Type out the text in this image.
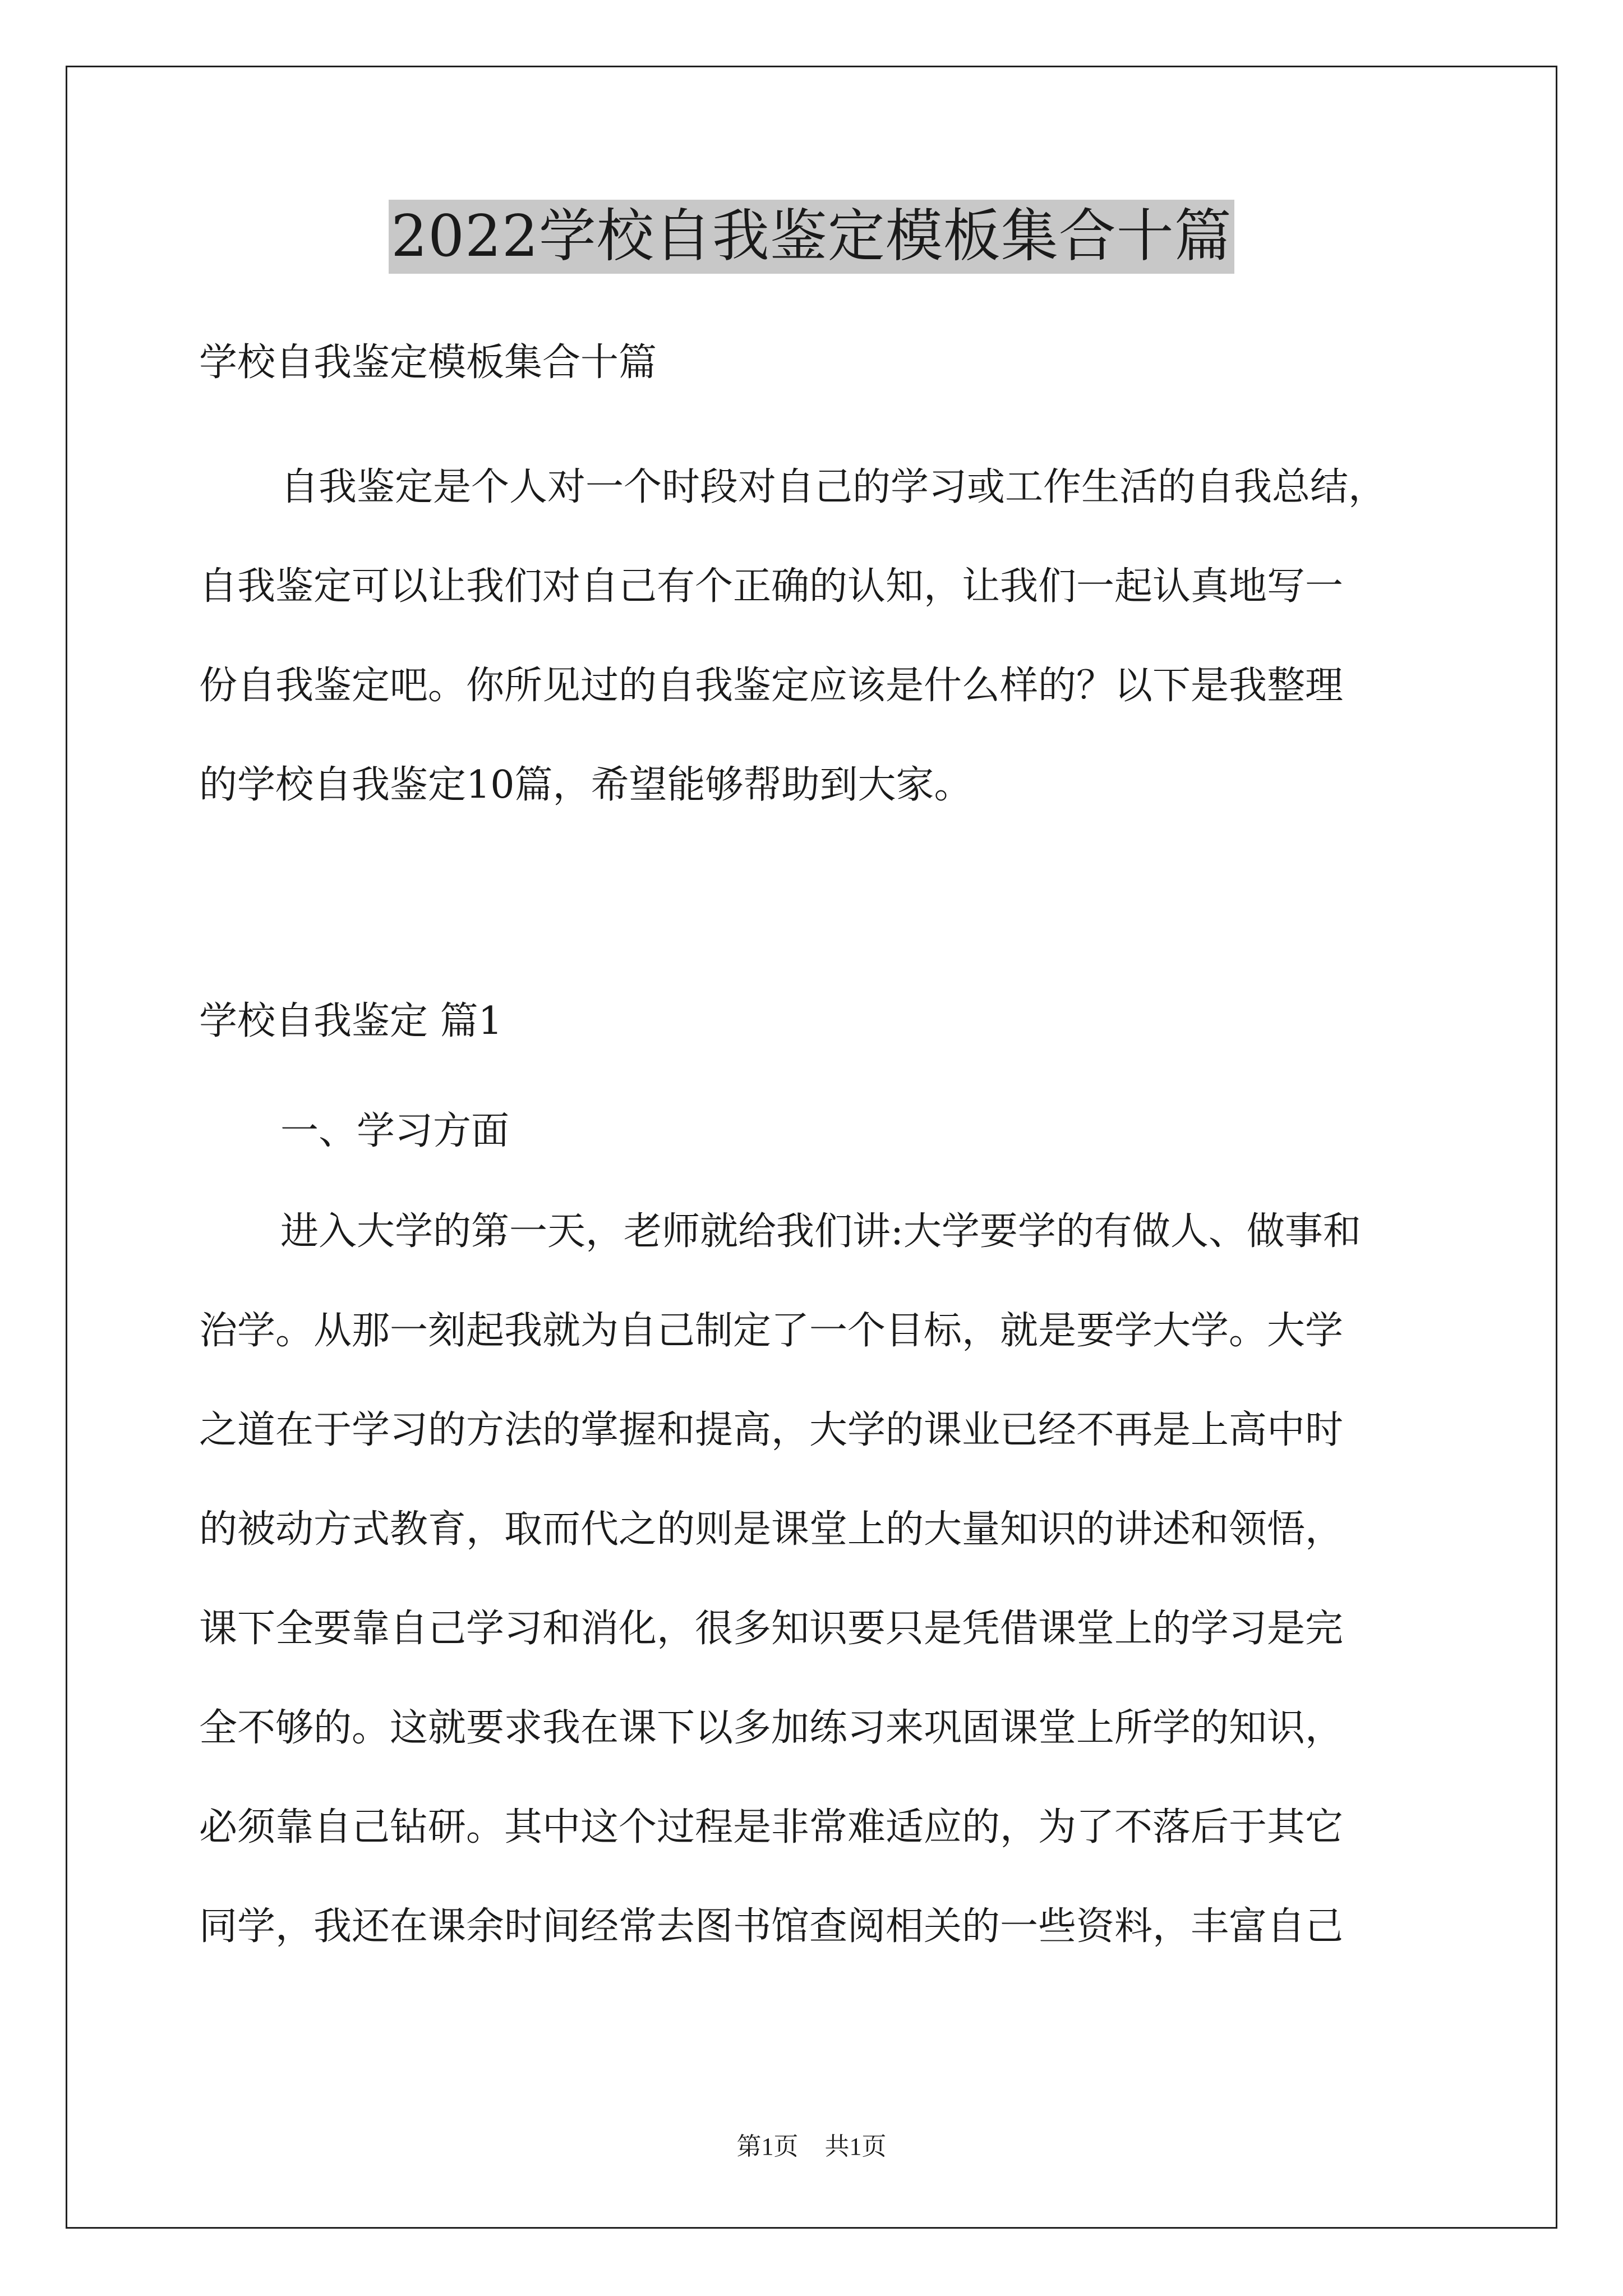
2022学校自我鉴定模板集合十篇
学校自我鉴定模板集合十篇
自我鉴定是个人对一个时段对自己的学习或工作生活的自我总结，
自我鉴定可以让我们对自己有个正确的认知，让我们一起认真地写一
份自我鉴定吧。你所见过的自我鉴定应该是什么样的？以下是我整理
的学校自我鉴定10篇，希望能够帮助到大家。
学校自我鉴定 篇1
一、学习方面
进入大学的第一天，老师就给我们讲:大学要学的有做人、做事和
治学。从那一刻起我就为自己制定了一个目标，就是要学大学。大学
之道在于学习的方法的掌握和提高，大学的课业已经不再是上高中时
的被动方式教育，取而代之的则是课堂上的大量知识的讲述和领悟，
课下全要靠自己学习和消化，很多知识要只是凭借课堂上的学习是完
全不够的。这就要求我在课下以多加练习来巩固课堂上所学的知识，
必须靠自己钻研。其中这个过程是非常难适应的，为了不落后于其它
同学，我还在课余时间经常去图书馆查阅相关的一些资料，丰富自己
第1页 共1页
